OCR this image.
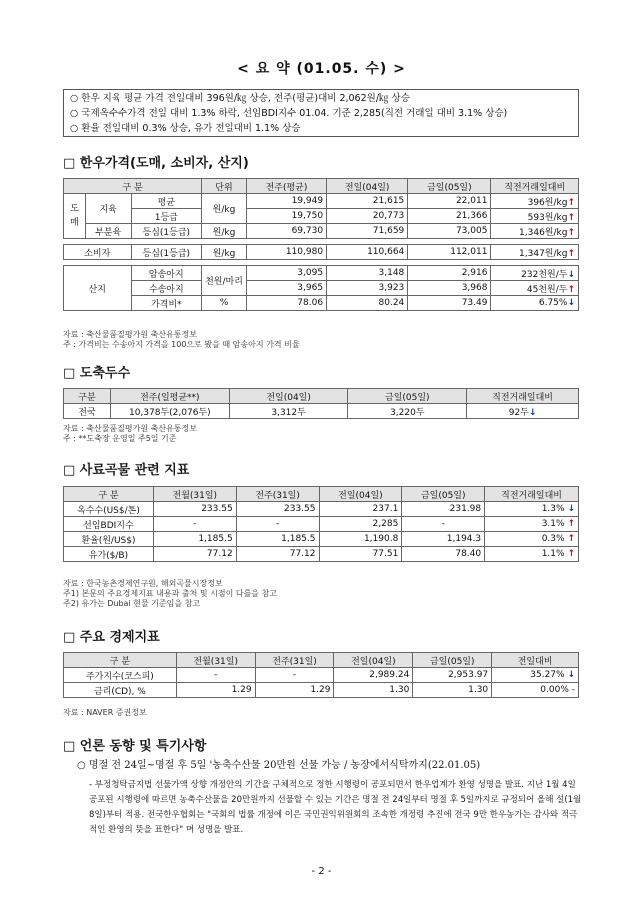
< 요 약 (01.05. 수) >
○ 한우 지육 평균 가격 전일대비 396원/㎏ 상승, 전주(평균)대비 2,062원/㎏ 상승
○ 국제옥수수가격 전일 대비 1.3% 하락, 선임BDI지수 01.04. 기준 2,285(직전 거래일 대비 3.1% 상승)
○ 환율 전일대비 0.3% 상승, 유가 전일대비 1.1% 상승
□ 한우가격(도매, 소비자, 산지)
구 분			단위	전주(평균)	전일(04일)	금일(05일)	직전거래일대비
도
매	지육	평균	원/kg	19,949	21,615	22,011	396원/kg↑
		1등급		19,750	20,773	21,366	593원/kg↑
	부분육	등심(1등급)	원/kg	69,730	71,659	73,005	1,346원/kg↑

소비자		등심(1등급)	원/kg	110,980	110,664	112,011	1,347원/kg↑

산지		암송아지	천원/마리	3,095	3,148	2,916	232천원/두↓
		수송아지		3,965	3,923	3,968	45천원/두↑
		가격비*	%	78.06	80.24	73.49	6.75%↓
자료 : 축산물품질평가원 축산유통정보
주 : 가격비는 수송아지 가격을 100으로 봤을 때 암송아지 가격 비율
□ 도축두수
구분	전주(일평균**)	전일(04일)	금일(05일)	직전거래일대비
전국	10,378두(2,076두)	3,312두	3,220두	92두↓
자료 : 축산물품질평가원 축산유통정보
주 : **도축장 운영일 주5일 기준
□ 사료곡물 관련 지표
구 분	전월(31일)	전주(31일)	전일(04일)	금일(05일)	직전거래일대비
옥수수(US$/톤)	233.55	233.55	237.1	231.98	1.3% ↓
선임BDI지수	-	-	2,285	-	3.1% ↑
환율(원/US$)	1,185.5	1,185.5	1,190.8	1,194.3	0.3% ↑
유가($/B)	77.12	77.12	77.51	78.40	1.1% ↑
자료 : 한국농촌경제연구원, 해외곡물시장정보
주1) 본문의 주요경제지표 내용과 출처 및 시점이 다를을 참고
주2) 유가는 Dubai 현물 기준임을 참고
□ 주요 경제지표
구 분	전월(31일)	전주(31일)	전일(04일)	금일(05일)	전일대비
주가지수(코스피)	-	-	2,989.24	2,953.97	35.27% ↓
금리(CD), %	1.29	1.29	1.30	1.30	0.00% -
자료 : NAVER 증권정보
□ 언론 동향 및 특기사항
○ 명절 전 24일~명절 후 5일 '농축수산물 20만원 선물 가능 / 농장에서식탁까지(22.01.05)
- 부정청탁금지법 선물가액 상향 개정안의 기간을 구체적으로 정한 시행령이 공포되면서 한우업계가 환영 성명을 발표. 지난 1월 4일 공포된 시행령에 따르면 농축수산물을 20만원까지 선물할 수 있는 기간은 명절 전 24일부터 명절 후 5일까지로 규정되어 올해 설(1월 8일)부터 적용. 전국한우협회는 "국회의 법률 개정에 이은 국민권익위원회의 조속한 개정령 추진에 전국 9만 한우농가는 감사와 적극적인 환영의 뜻을 표한다" 며 성명을 발표.
- 2 -
